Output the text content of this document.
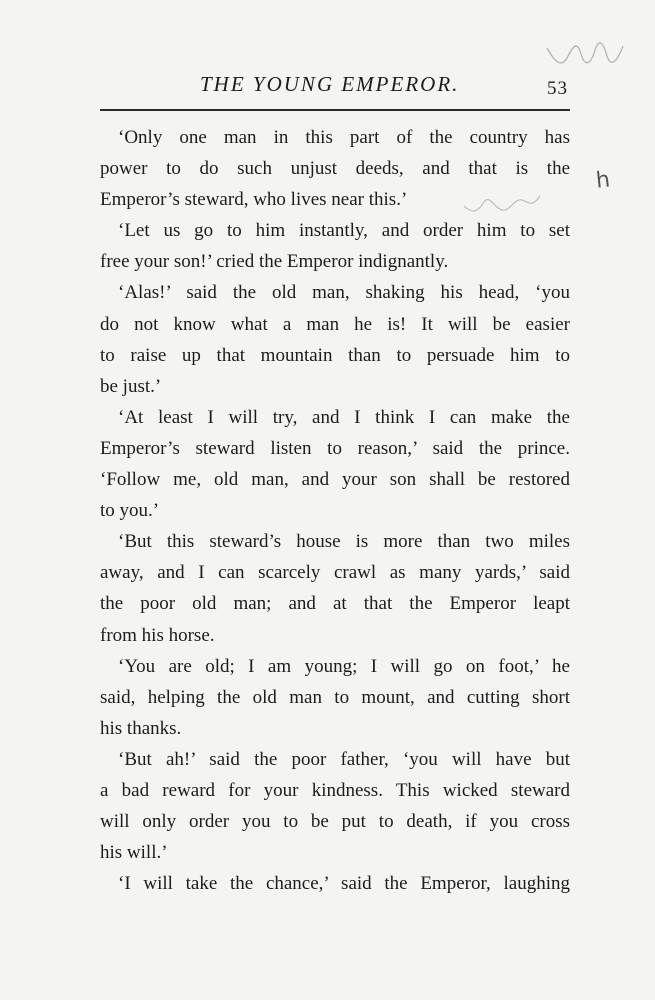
h
THE YOUNG EMPEROR.	53
‘Only one man in this part of the country has
power to do such unjust deeds, and that is the
Emperor’s steward, who lives near this.’
‘Let us go to him instantly, and order him to set
free your son!’ cried the Emperor indignantly.
‘Alas!’ said the old man, shaking his head, ‘you
do not know what a man he is! It will be easier
to raise up that mountain than to persuade him to
be just.’
‘At least I will try, and I think I can make the
Emperor’s steward listen to reason,’ said the prince.
‘Follow me, old man, and your son shall be restored
to you.’
‘But this steward’s house is more than two miles
away, and I can scarcely crawl as many yards,’ said
the poor old man; and at that the Emperor leapt
from his horse.
‘You are old; I am young; I will go on foot,’ he
said, helping the old man to mount, and cutting short
his thanks.
‘But ah!’ said the poor father, ‘you will have but
a bad reward for your kindness. This wicked steward
will only order you to be put to death, if you cross
his will.’
‘I will take the chance,’ said the Emperor, laughing
